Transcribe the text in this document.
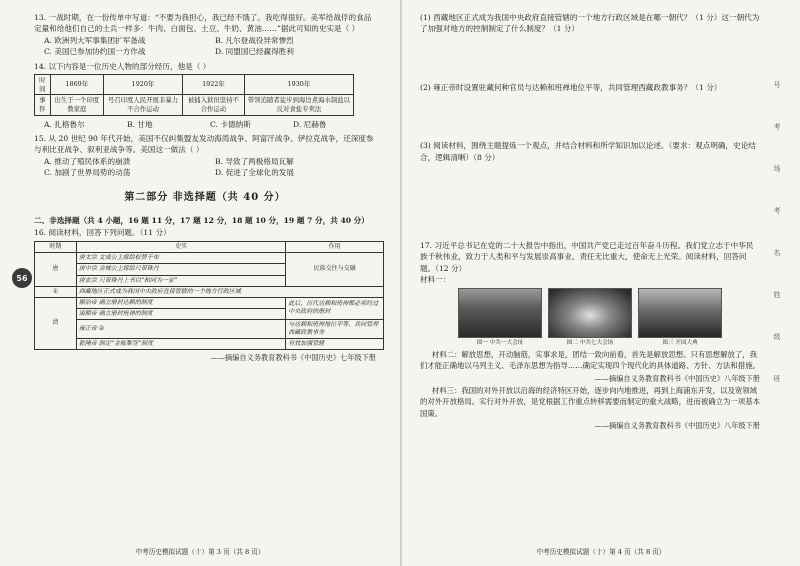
13. 一战时期，在一份传单中写道：“不要为我担心，我已经不饿了。我吃得很好。美军给战俘的食品定量和给他们自己的士兵一样多：牛肉、白面包、土豆、牛奶、黄油……”据此可知的史实是（ ）
A. 欧洲列大军事集团扩军备战	B. 凡尔登战役异常惨烈
C. 美国已参加协约国一方作战	D. 同盟国已经赢得胜利
14. 以下内容是一位历史人物的部分经历，他是（ ）
时间	1869年	1920年	1922年	1930年
事件	出生于一个印度教家庭	号召印度人民开展非暴力不合作运动	被捕入狱但坚持不合作运动	带领追随者徒步到海边煮海水制盐以反对食盐专卖法
A. 扎格鲁尔	B. 甘地	C. 卡德纳斯	D. 尼赫鲁
15. 从 20 世纪 90 年代开始，美国不仅纠集盟友发动海湾战争、阿富汗战争、伊拉克战争，还深度参与利比亚战争、叙利亚战争等。美国这一做法（ ）
A. 推动了殖民体系的崩溃	B. 导致了两极格局瓦解
C. 加剧了世界局势的动荡	D. 促进了全球化的发展
第二部分 非选择题（共 40 分）
二、非选择题（共 4 小题，16 题 11 分，17 题 12 分，18 题 10 分，19 题 7 分，共 40 分）
16. 阅读材料，回答下列问题。（11 分）
时期	史实	作用
唐	唐太宗 文成公主嫁给松赞干布	民族交往与交融
	唐中宗 金城公主嫁给尺带珠丹	
	唐玄宗 尺带珠丹上书以“和同为一家”	
①	西藏地区正式成为我国中央政府直接管辖的一个地方行政区域	
清	顺治帝 确立册封达赖的制度	此后，历代达赖和班禅都必须经过中央政府的册封
	康熙帝 确立册封班禅的制度	
	雍正帝 ②	与达赖和班禅地位平等，共同管理西藏政教事务
	乾隆帝 制定“金瓶掣签”制度	有效加强管辖
——摘编自义务教育教科书《中国历史》七年级下册
中考历史模拟试题（十）第 3 页（共 8 页）
56
(1) 西藏地区正式成为我国中央政府直接管辖的一个地方行政区域是在哪一朝代？（1 分）这一朝代为了加强对地方的控制制定了什么制度？（1 分）
(2) 雍正帝时设置驻藏何种官员与达赖和班禅地位平等，共同管理西藏政教事务？（1 分）
(3) 阅读材料，围绕主题提炼一个观点，并结合材料和所学知识加以论述。（要求：观点明确，史论结合，逻辑清晰）（8 分）
17. 习近平总书记在党的二十大报告中指出，中国共产党已走过百年奋斗历程。我们党立志于中华民族千秋伟业，致力于人类和平与发展崇高事业，责任无比重大，使命无上光荣。阅读材料，回答问题。（12 分）
材料一：
图一 中共一大会址	图二 中共七大会场	图三 开国大典
材料二：解放思想，开动脑筋，实事求是，团结一致向前看，首先是解放思想。只有思想解放了，我们才能正确地以马列主义、毛泽东思想为指导……确定实现四个现代化的具体道路、方针、方法和措施。
——摘编自义务教育教科书《中国历史》八年级下册
材料三：我国的对外开放以沿海的经济特区开始，逐步向内地推进，再到上海浦东开发，以及宽领域的对外开放格局。实行对外开放，是党根据工作重点转移需要而制定的重大战略，进而被确立为一项基本国策。
——摘编自义务教育教科书《中国历史》八年级下册
中考历史模拟试题（十）第 4 页（共 8 页）
号
考
场
考
名
姓
级
班
